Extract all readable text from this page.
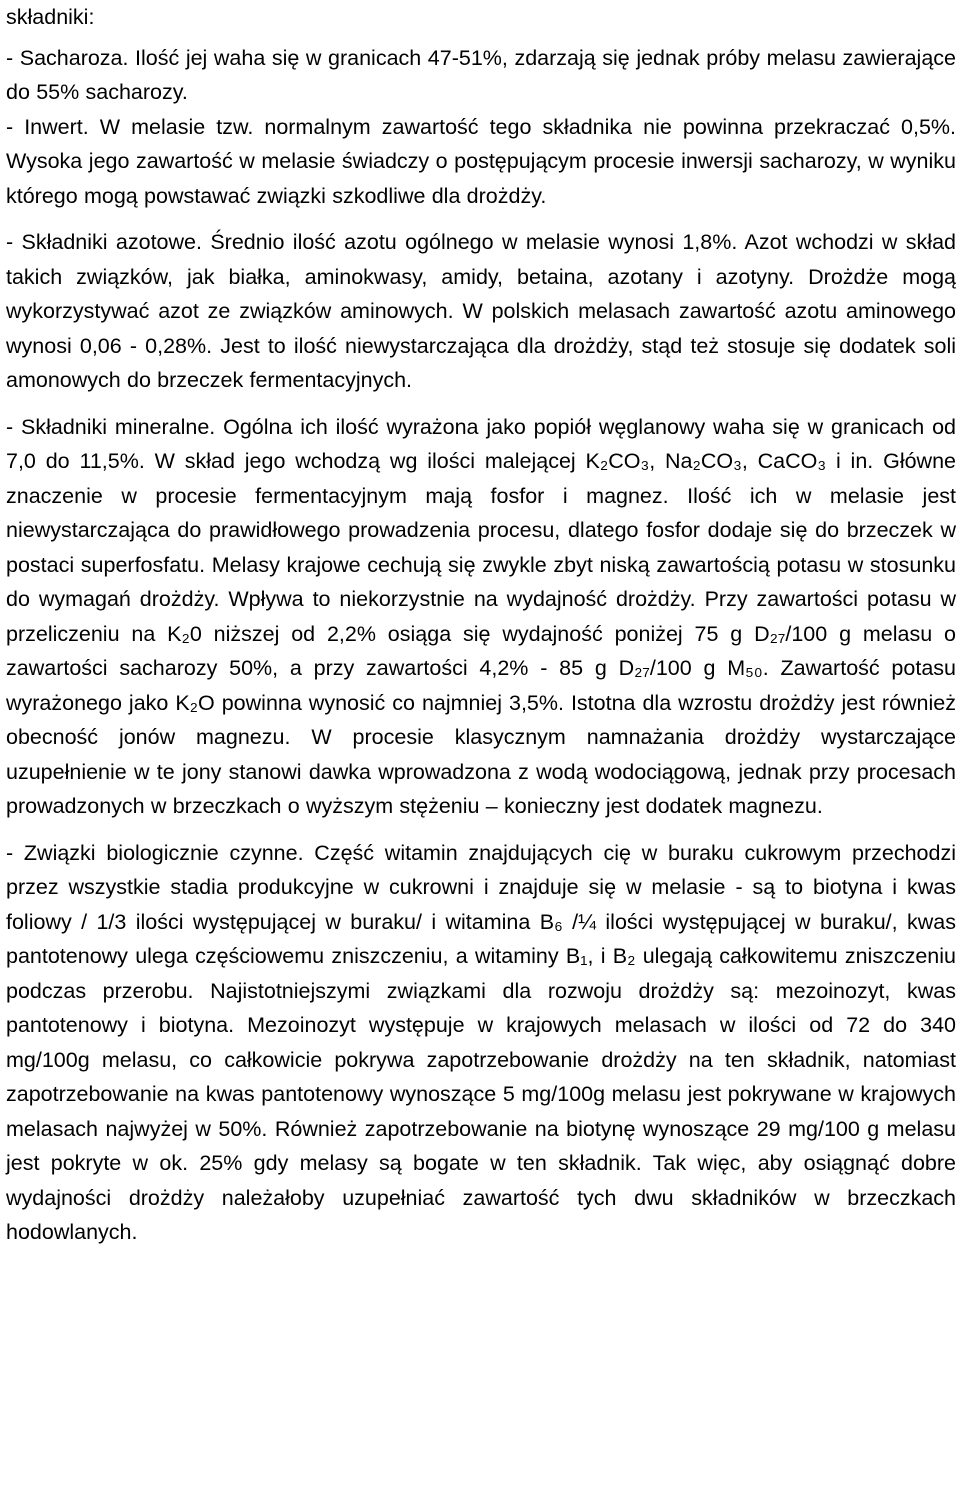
składniki:

- Sacharoza. Ilość jej waha się w granicach 47-51%, zdarzają się jednak próby melasu zawierające do 55% sacharozy.

- Inwert. W melasie tzw. normalnym zawartość tego składnika nie powinna przekraczać 0,5%. Wysoka jego zawartość w melasie świadczy o postępującym procesie inwersji sacharozy, w wyniku którego mogą powstawać związki szkodliwe dla drożdży.

- Składniki azotowe. Średnio ilość azotu ogólnego w melasie wynosi 1,8%. Azot wchodzi w skład takich związków, jak białka, aminokwasy, amidy, betaina, azotany i azotyny. Drożdże mogą wykorzystywać azot ze związków aminowych. W polskich melasach zawartość azotu aminowego wynosi 0,06 - 0,28%. Jest to ilość niewystarczająca dla drożdży, stąd też stosuje się dodatek soli amonowych do brzeczek fermentacyjnych.

- Składniki mineralne. Ogólna ich ilość wyrażona jako popiół węglanowy waha się w granicach od 7,0 do 11,5%. W skład jego wchodzą wg ilości malejącej K₂CO₃, Na₂CO₃, CaCO₃ i in. Główne znaczenie w procesie fermentacyjnym mają fosfor i magnez. Ilość ich w melasie jest niewystarczająca do prawidłowego prowadzenia procesu, dlatego fosfor dodaje się do brzeczek w postaci superfosfatu. Melasy krajowe cechują się zwykle zbyt niską zawartością potasu w stosunku do wymagań drożdży. Wpływa to niekorzystnie na wydajność drożdży. Przy zawartości potasu w przeliczeniu na K₂0 niższej od 2,2% osiąga się wydajność poniżej 75 g D₂₇/100 g melasu o zawartości sacharozy 50%, a przy zawartości 4,2% - 85 g D₂₇/100 g M₅₀. Zawartość potasu wyrażonego jako K₂O powinna wynosić co najmniej 3,5%. Istotna dla wzrostu drożdży jest również obecność jonów magnezu. W procesie klasycznym namnażania drożdży wystarczające uzupełnienie w te jony stanowi dawka wprowadzona z wodą wodociągową, jednak przy procesach prowadzonych w brzeczkach o wyższym stężeniu – konieczny jest dodatek magnezu.

- Związki biologicznie czynne. Część witamin znajdujących cię w buraku cukrowym przechodzi przez wszystkie stadia produkcyjne w cukrowni i znajduje się w melasie - są to biotyna i kwas foliowy / 1/3 ilości występującej w buraku/ i witamina B₆ /¼ ilości występującej w buraku/, kwas pantotenowy ulega częściowemu zniszczeniu, a witaminy B₁, i B₂ ulegają całkowitemu zniszczeniu podczas przerobu. Najistotniejszymi związkami dla rozwoju drożdży są: mezoinozyt, kwas pantotenowy i biotyna. Mezoinozyt występuje w krajowych melasach w ilości od 72 do 340 mg/100g melasu, co całkowicie pokrywa zapotrzebowanie drożdży na ten składnik, natomiast zapotrzebowanie na kwas pantotenowy wynoszące 5 mg/100g melasu jest pokrywane w krajowych melasach najwyżej w 50%. Również zapotrzebowanie na biotynę wynoszące 29 mg/100 g melasu jest pokryte w ok. 25% gdy melasy są bogate w ten składnik. Tak więc, aby osiągnąć dobre wydajności drożdży należałoby uzupełniać zawartość tych dwu składników w brzeczkach hodowlanych.
